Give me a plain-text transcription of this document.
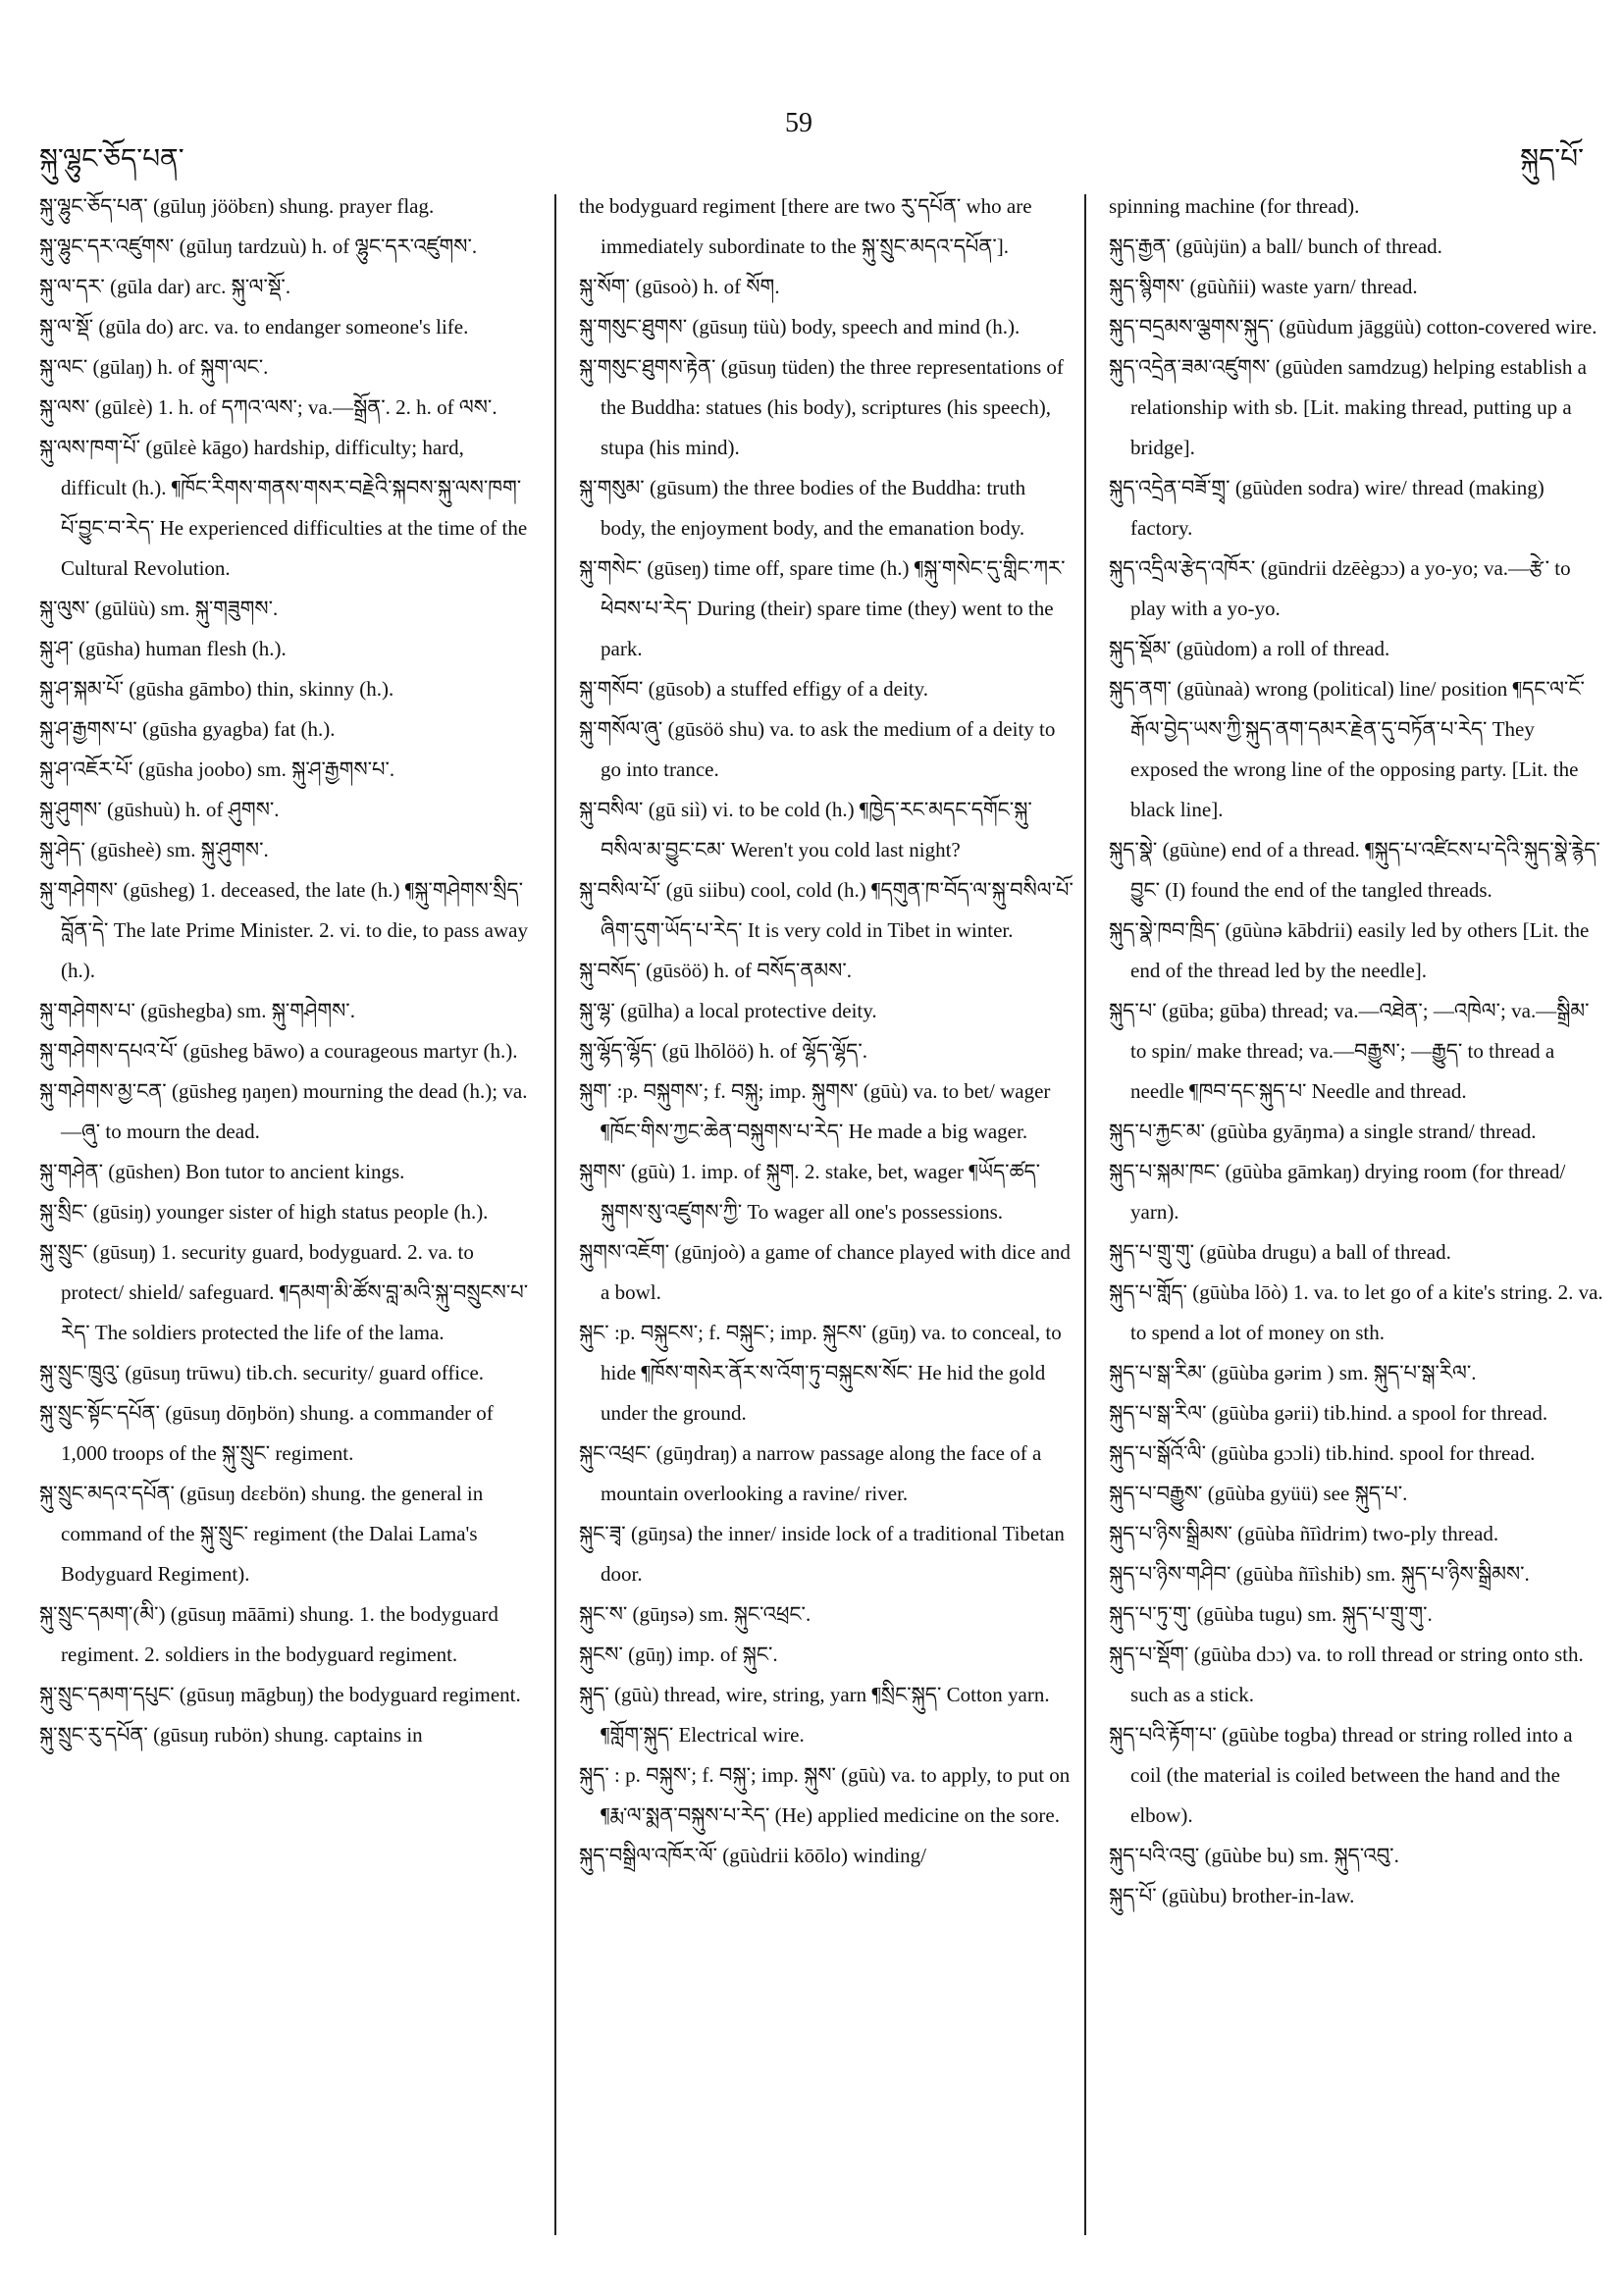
སྐུ་ལྷུང་ཅོད་པན་
59
སྐུད་པོ་

སྐུ་ལྷུང་ཅོད་པན་ (gūluŋ jööbɛn) shung. prayer flag.

སྐུ་ལྷུང་དར་འཛུགས་ (gūluŋ tardzuù) h. of ལྷུང་དར་འཛུགས་.

སྐུ་ལ་དར་ (gūla dar) arc. སྐུ་ལ་སྡོ་.

སྐུ་ལ་སྡོ་ (gūla do) arc. va. to endanger someone's life.

སྐུ་ལང་ (gūlaŋ) h. of སྐུག་ལང་.

སྐུ་ལས་ (gūlɛè) 1. h. of དཀའ་ལས་; va.—སྒྲོན་. 2. h. of ལས་.

སྐུ་ལས་ཁག་པོ་ (gūlɛè kāgo) hardship, difficulty; hard, difficult (h.). ¶ཁོང་རིགས་གནས་གསར་བརྗེའི་སྐབས་སྐུ་ལས་ཁག་པོ་བྱུང་བ་རེད་ He experienced difficulties at the time of the Cultural Revolution.

སྐུ་ལུས་ (gūlüù) sm. སྐུ་གཟུགས་.

སྐུ་ཤ་ (gūsha) human flesh (h.).

སྐུ་ཤ་སྐམ་པོ་ (gūsha gāmbo) thin, skinny (h.).

སྐུ་ཤ་རྒྱགས་པ་ (gūsha gyagba) fat (h.).

སྐུ་ཤ་འཇོར་པོ་ (gūsha joobo) sm. སྐུ་ཤ་རྒྱགས་པ་.

སྐུ་ཤུགས་ (gūshuù) h. of ཤུགས་.

སྐུ་ཤེད་ (gūsheè) sm. སྐུ་ཤུགས་.

སྐུ་གཤེགས་ (gūsheg) 1. deceased, the late (h.) ¶སྐུ་གཤེགས་སྲིད་བློན་དེ་ The late Prime Minister. 2. vi. to die, to pass away (h.).

སྐུ་གཤེགས་པ་ (gūshegba) sm. སྐུ་གཤེགས་.

སྐུ་གཤེགས་དཔའ་པོ་ (gūsheg bāwo) a courageous martyr (h.).

སྐུ་གཤེགས་མྱ་ངན་ (gūsheg ŋaŋen) mourning the dead (h.); va.—ཞུ་ to mourn the dead.

སྐུ་གཤེན་ (gūshen) Bon tutor to ancient kings.

སྐུ་སྲིང་ (gūsiŋ) younger sister of high status people (h.).

སྐུ་སྲུང་ (gūsuŋ) 1. security guard, bodyguard. 2. va. to protect/ shield/ safeguard. ¶དམག་མི་ཚོས་བླ་མའི་སྐུ་བསྲུངས་པ་རེད་ The soldiers protected the life of the lama.

སྐུ་སྲུང་ཁྲུའུ་ (gūsuŋ trūwu) tib.ch. security/ guard office.

སྐུ་སྲུང་སྟོང་དཔོན་ (gūsuŋ dōŋbön) shung. a commander of 1,000 troops of the སྐུ་སྲུང་ regiment.

སྐུ་སྲུང་མདའ་དཔོན་ (gūsuŋ dɛɛbön) shung. the general in command of the སྐུ་སྲུང་ regiment (the Dalai Lama's Bodyguard Regiment).

སྐུ་སྲུང་དམག་(མི་) (gūsuŋ māāmi) shung. 1. the bodyguard regiment. 2. soldiers in the bodyguard regiment.

སྐུ་སྲུང་དམག་དཔུང་ (gūsuŋ māgbuŋ) the bodyguard regiment.

སྐུ་སྲུང་རུ་དཔོན་ (gūsuŋ rubön) shung. captains in

the bodyguard regiment [there are two རུ་དཔོན་ who are immediately subordinate to the སྐུ་སྲུང་མདའ་དཔོན་].

སྐུ་སོག་ (gūsoò) h. of སོག.

སྐུ་གསུང་ཐུགས་ (gūsuŋ tüù) body, speech and mind (h.).

སྐུ་གསུང་ཐུགས་རྟེན་ (gūsuŋ tüden) the three representations of the Buddha: statues (his body), scriptures (his speech), stupa (his mind).

སྐུ་གསུམ་ (gūsum) the three bodies of the Buddha: truth body, the enjoyment body, and the emanation body.

སྐུ་གསེང་ (gūseŋ) time off, spare time (h.) ¶སྐུ་གསེང་དུ་གླིང་ཀར་ཕེབས་པ་རེད་ During (their) spare time (they) went to the park.

སྐུ་གསོབ་ (gūsob) a stuffed effigy of a deity.

སྐུ་གསོལ་ཞུ་ (gūsöö shu) va. to ask the medium of a deity to go into trance.

སྐུ་བསིལ་ (gū siì) vi. to be cold (h.) ¶ཁྱེད་རང་མདང་དགོང་སྐུ་བསིལ་མ་བྱུང་ངམ་ Weren't you cold last night?

སྐུ་བསིལ་པོ་ (gū siibu) cool, cold (h.) ¶དགུན་ཁ་བོད་ལ་སྐུ་བསིལ་པོ་ཞིག་དུག་ཡོད་པ་རེད་ It is very cold in Tibet in winter.

སྐུ་བསོད་ (gūsöö) h. of བསོད་ནམས་.

སྐུ་ལྷ་ (gūlha) a local protective deity.

སྐུ་ལྷོད་ལྷོད་ (gū lhōlöö) h. of ལྷོད་ལྷོད་.

སྐུག་ :p. བསྐུགས་; f. བསྐུ; imp. སྐུགས་ (gūù) va. to bet/ wager ¶ཁོང་གིས་ཀྱང་ཆེན་བསྐུགས་པ་རེད་ He made a big wager.

སྐུགས་ (gūù) 1. imp. of སྐུག. 2. stake, bet, wager ¶ཡོད་ཚད་སྐུགས་སུ་འཛུགས་ཀྱི་ To wager all one's possessions.

སྐུགས་འཇོག་ (gūnjoò) a game of chance played with dice and a bowl.

སྐུང་ :p. བསྐུངས་; f. བསྐུང་; imp. སྐུངས་ (gūŋ) va. to conceal, to hide ¶ཁོས་གསེར་ནོར་ས་འོག་ཏུ་བསྐུངས་སོང་ He hid the gold under the ground.

སྐུང་འཕྲང་ (gūŋdraŋ) a narrow passage along the face of a mountain overlooking a ravine/ river.

སྐུང་ཟྭ་ (gūŋsa) the inner/ inside lock of a traditional Tibetan door.

སྐུང་ས་ (gūŋsə) sm. སྐུང་འཕྲང་.

སྐུངས་ (gūŋ) imp. of སྐུང་.

སྐུད་ (gūù) thread, wire, string, yarn ¶སྲིང་སྐུད་ Cotton yarn. ¶གློག་སྐུད་ Electrical wire.

སྐུད་ : p. བསྐུས་; f. བསྐུ་; imp. སྐུས་ (gūù) va. to apply, to put on ¶རྨ་ལ་སྨན་བསྐུས་པ་རེད་ (He) applied medicine on the sore.

སྐུད་བསྒྲིལ་འཁོར་ལོ་ (gūùdrii kōōlo) winding/

spinning machine (for thread).

སྐུད་རྒྱན་ (gūùjün) a ball/ bunch of thread.

སྐུད་སྙིགས་ (gūùñii) waste yarn/ thread.

སྐུད་བདྲམས་ལྕགས་སྐུད་ (gūùdum jāggüù) cotton-covered wire.

སྐུད་འདྲེན་ཟམ་འཛུགས་ (gūùden samdzug) helping establish a relationship with sb. [Lit. making thread, putting up a bridge].

སྐུད་འདྲེན་བཟོ་གྲྭ་ (gūùden sodra) wire/ thread (making) factory.

སྐུད་འདྲིལ་རྩེད་འཁོར་ (gūndrii dzēègɔɔ) a yo-yo; va.—རྩེ་ to play with a yo-yo.

སྐུད་སྡོམ་ (gūùdom) a roll of thread.

སྐུད་ནག་ (gūùnaà) wrong (political) line/ position ¶དང་ལ་ངོ་རྒོལ་བྱེད་ཡས་ཀྱི་སྐུད་ནག་དམར་རྗེན་དུ་བཏོན་པ་རེད་ They exposed the wrong line of the opposing party. [Lit. the black line].

སྐུད་སྣེ་ (gūùne) end of a thread. ¶སྐུད་པ་འཛིངས་པ་དེའི་སྐུད་སྣེ་རྙེད་བྱུང་ (I) found the end of the tangled threads.

སྐུད་སྣེ་ཁབ་ཁྲིད་ (gūùnə kābdrii) easily led by others [Lit. the end of the thread led by the needle].

སྐུད་པ་ (gūba; gūba) thread; va.—འཐེན་; —འཁེལ་; va.—སྒྲིམ་ to spin/ make thread; va.—བརྒྱུས་; —རྒྱུད་ to thread a needle ¶ཁབ་དང་སྐུད་པ་ Needle and thread.

སྐུད་པ་རྐྱང་མ་ (gūùba gyāŋma) a single strand/ thread.

སྐུད་པ་སྐམ་ཁང་ (gūùba gāmkaŋ) drying room (for thread/ yarn).

སྐུད་པ་གྲུ་གུ་ (gūùba drugu) a ball of thread.

སྐུད་པ་གློད་ (gūùba lōò) 1. va. to let go of a kite's string. 2. va. to spend a lot of money on sth.

སྐུད་པ་སྒ་རིམ་ (gūùba gərim ) sm. སྐུད་པ་སྒ་རིལ་.

སྐུད་པ་སྒ་རིལ་ (gūùba gərii) tib.hind. a spool for thread.

སྐུད་པ་སྒོའོ་ལི་ (gūùba gɔɔli) tib.hind. spool for thread.

སྐུད་པ་བརྒྱུས་ (gūùba gyüü) see སྐུད་པ་.

སྐུད་པ་ཉིས་སྒྲིམས་ (gūùba ñīìdrim) two-ply thread.

སྐུད་པ་ཉིས་གཤིབ་ (gūùba ñīìshib) sm. སྐུད་པ་ཉིས་སྒྲིམས་.

སྐུད་པ་ཏུ་གུ་ (gūùba tugu) sm. སྐུད་པ་གྲུ་གུ་.

སྐུད་པ་སྡོག་ (gūùba dɔɔ) va. to roll thread or string onto sth. such as a stick.

སྐུད་པའི་རྟོག་པ་ (gūùbe togba) thread or string rolled into a coil (the material is coiled between the hand and the elbow).

སྐུད་པའི་འབུ་ (gūùbe bu) sm. སྐུད་འབུ་.

སྐུད་པོ་ (gūùbu) brother-in-law.
